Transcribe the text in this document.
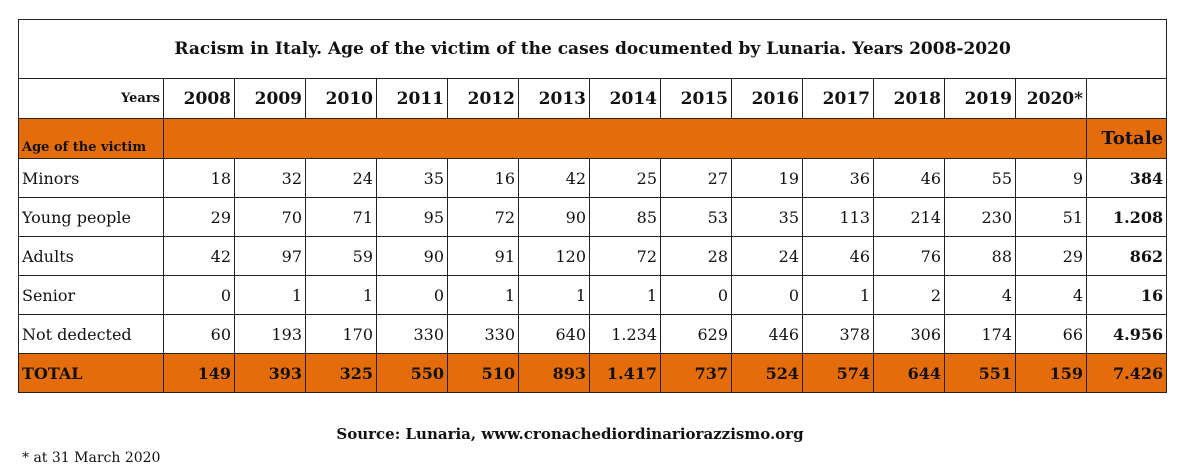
Racism in Italy. Age of the victim of the cases documented by Lunaria. Years 2008-2020														
Years	2008	2009	2010	2011	2012	2013	2014	2015	2016	2017	2018	2019	2020*	
Age of the victim														Totale
Minors	18	32	24	35	16	42	25	27	19	36	46	55	9	384
Young people	29	70	71	95	72	90	85	53	35	113	214	230	51	1.208
Adults	42	97	59	90	91	120	72	28	24	46	76	88	29	862
Senior	0	1	1	0	1	1	1	0	0	1	2	4	4	16
Not dedected	60	193	170	330	330	640	1.234	629	446	378	306	174	66	4.956
TOTAL	149	393	325	550	510	893	1.417	737	524	574	644	551	159	7.426
Source: Lunaria, www.cronachediordinariorazzismo.org
* at 31 March 2020
